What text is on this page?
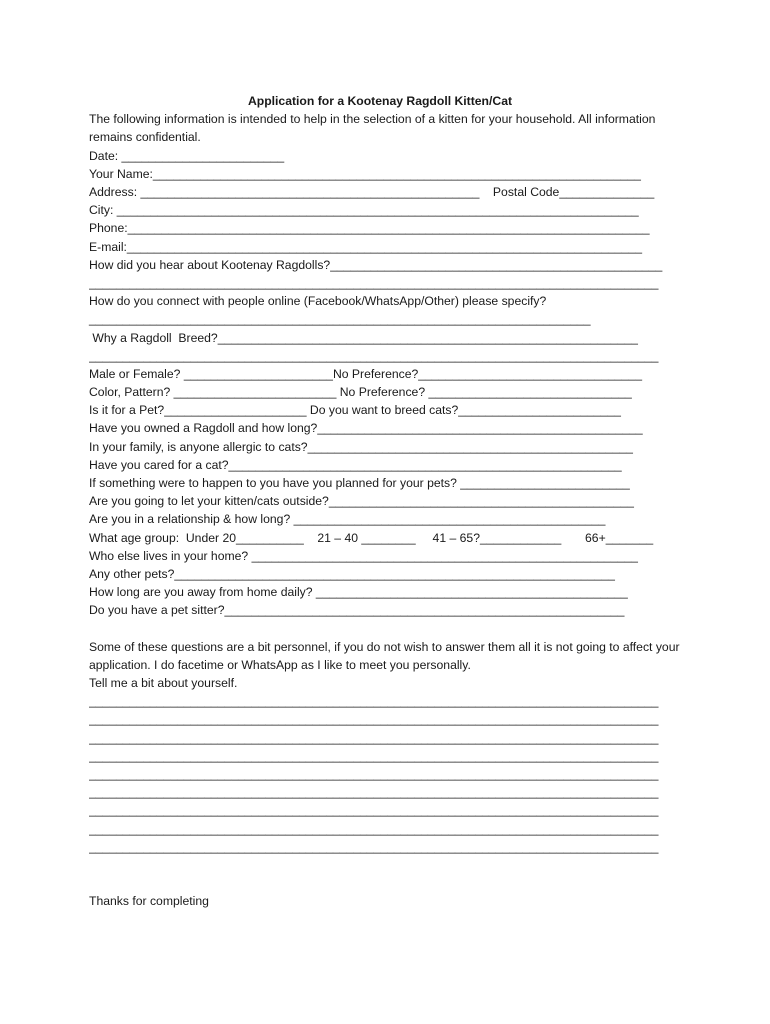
Application for a Kootenay Ragdoll Kitten/Cat

The following information is intended to help in the selection of a kitten for your household. All information remains confidential.

Date: ________________________

Your Name:________________________________________________________________________

Address: __________________________________________________    Postal Code______________

City: _____________________________________________________________________________

Phone:_____________________________________________________________________________

E-mail:____________________________________________________________________________

How did you hear about Kootenay Ragdolls?_________________________________________________

____________________________________________________________________________________

How do you connect with people online (Facebook/WhatsApp/Other) please specify?__________________________________________________________________________

Why a Ragdoll  Breed?______________________________________________________________

____________________________________________________________________________________

Male or Female? ______________________No Preference?_________________________________

Color, Pattern? ________________________ No Preference? ______________________________

Is it for a Pet?_____________________ Do you want to breed cats?________________________

Have you owned a Ragdoll and how long?________________________________________________

In your family, is anyone allergic to cats?________________________________________________

Have you cared for a cat?__________________________________________________________

If something were to happen to you have you planned for your pets? _________________________

Are you going to let your kitten/cats outside?_____________________________________________

Are you in a relationship & how long? ______________________________________________

What age group:  Under 20__________    21 – 40 ________     41 – 65?____________       66+_______

Who else lives in your home? _________________________________________________________

Any other pets?_________________________________________________________________

How long are you away from home daily? ______________________________________________

Do you have a pet sitter?___________________________________________________________

Some of these questions are a bit personnel, if you do not wish to answer them all it is not going to affect your application. I do facetime or WhatsApp as I like to meet you personally.

Tell me a bit about yourself.

____________________________________________________________________________________

____________________________________________________________________________________

____________________________________________________________________________________

____________________________________________________________________________________

____________________________________________________________________________________

____________________________________________________________________________________

____________________________________________________________________________________

____________________________________________________________________________________

____________________________________________________________________________________

Thanks for completing
